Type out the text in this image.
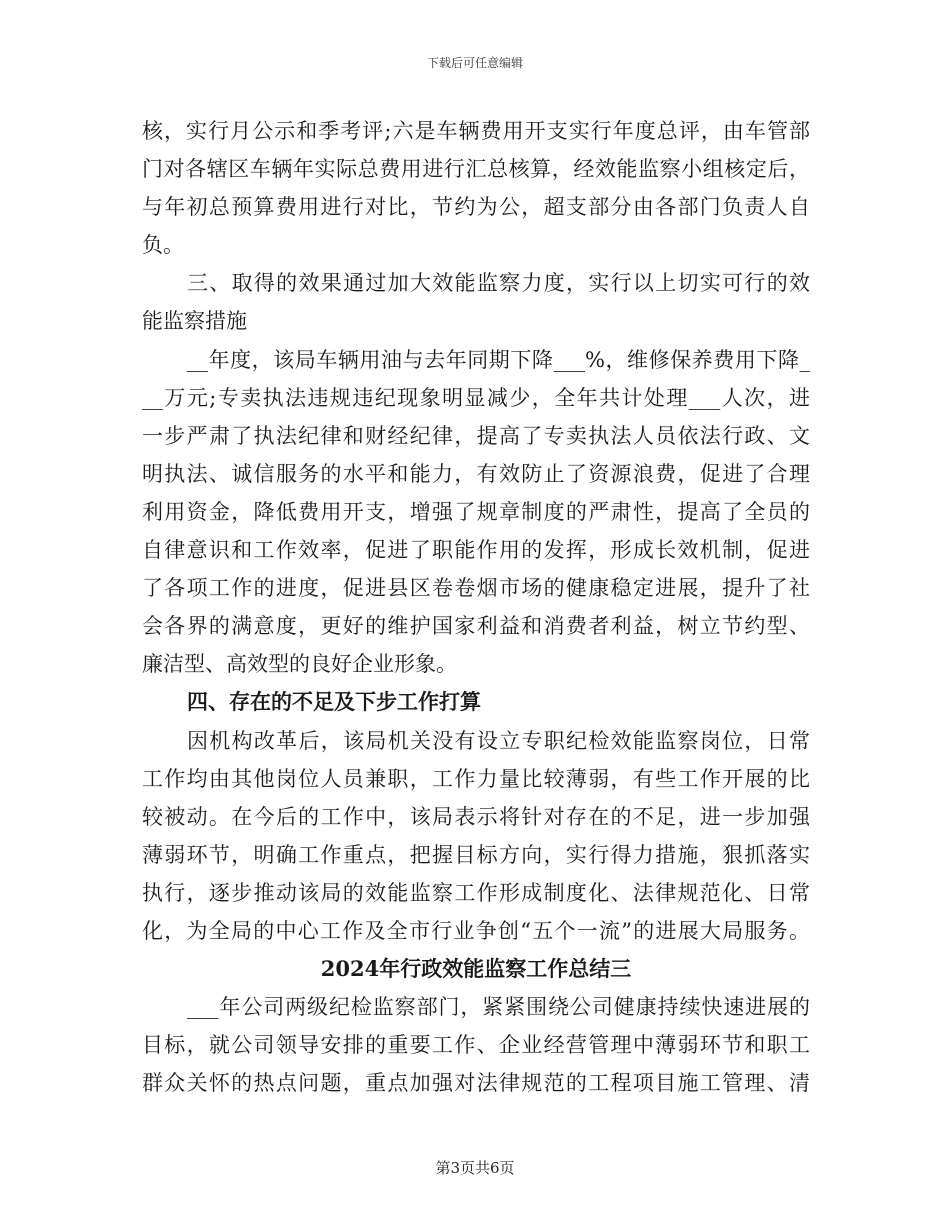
下载后可任意编辑
核，实行月公示和季考评;六是车辆费用开支实行年度总评，由车管部
门对各辖区车辆年实际总费用进行汇总核算，经效能监察小组核定后，
与年初总预算费用进行对比，节约为公，超支部分由各部门负责人自
负。
三、取得的效果通过加大效能监察力度，实行以上切实可行的效
能监察措施
__年度，该局车辆用油与去年同期下降___%，维修保养费用下降_
__万元;专卖执法违规违纪现象明显减少，全年共计处理___人次，进
一步严肃了执法纪律和财经纪律，提高了专卖执法人员依法行政、文
明执法、诚信服务的水平和能力，有效防止了资源浪费，促进了合理
利用资金，降低费用开支，增强了规章制度的严肃性，提高了全员的
自律意识和工作效率，促进了职能作用的发挥，形成长效机制，促进
了各项工作的进度，促进县区卷卷烟市场的健康稳定进展，提升了社
会各界的满意度，更好的维护国家利益和消费者利益，树立节约型、
廉洁型、高效型的良好企业形象。
四、存在的不足及下步工作打算
因机构改革后，该局机关没有设立专职纪检效能监察岗位，日常
工作均由其他岗位人员兼职，工作力量比较薄弱，有些工作开展的比
较被动。在今后的工作中，该局表示将针对存在的不足，进一步加强
薄弱环节，明确工作重点，把握目标方向，实行得力措施，狠抓落实
执行，逐步推动该局的效能监察工作形成制度化、法律规范化、日常
化，为全局的中心工作及全市行业争创“五个一流”的进展大局服务。
2024年行政效能监察工作总结三
___年公司两级纪检监察部门，紧紧围绕公司健康持续快速进展的
目标，就公司领导安排的重要工作、企业经营管理中薄弱环节和职工
群众关怀的热点问题，重点加强对法律规范的工程项目施工管理、清
第3页共6页
